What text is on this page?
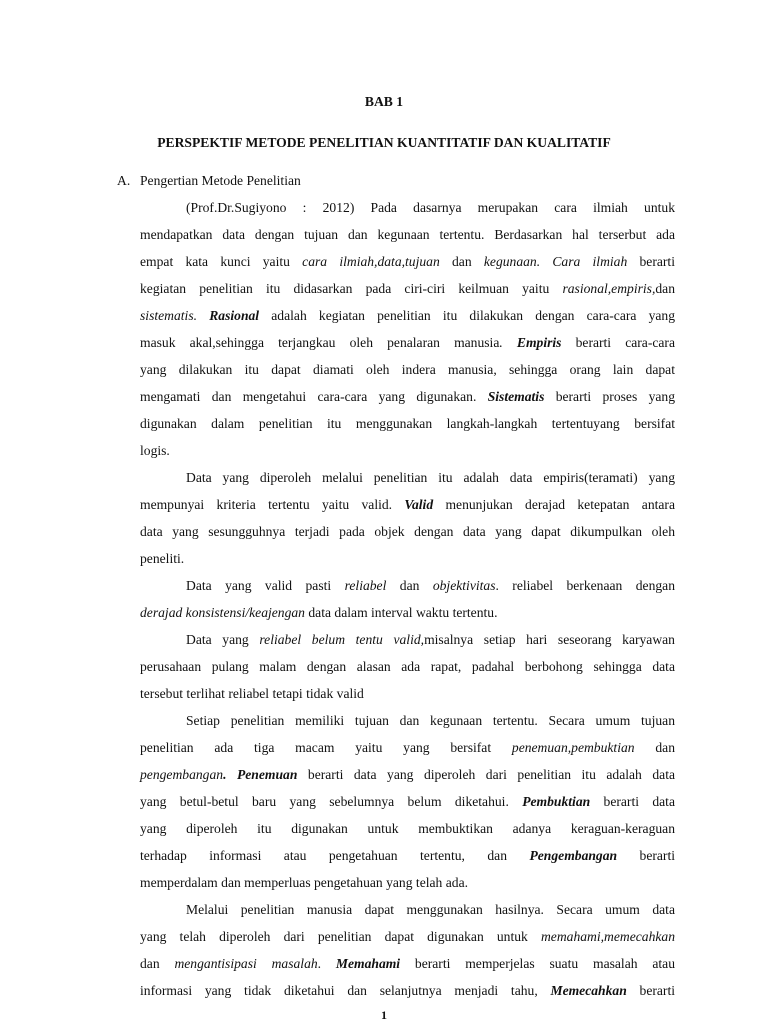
BAB 1
PERSPEKTIF METODE PENELITIAN KUANTITATIF DAN KUALITATIF
A. Pengertian Metode Penelitian
(Prof.Dr.Sugiyono : 2012) Pada dasarnya merupakan cara ilmiah untuk
mendapatkan data dengan tujuan dan kegunaan tertentu. Berdasarkan hal terserbut ada
empat kata kunci yaitu cara ilmiah,data,tujuan dan kegunaan. Cara ilmiah berarti
kegiatan penelitian itu didasarkan pada ciri-ciri keilmuan yaitu rasional,empiris,dan
sistematis. Rasional adalah kegiatan penelitian itu dilakukan dengan cara-cara yang
masuk akal,sehingga terjangkau oleh penalaran manusia. Empiris berarti cara-cara
yang dilakukan itu dapat diamati oleh indera manusia, sehingga orang lain dapat
mengamati dan mengetahui cara-cara yang digunakan. Sistematis berarti proses yang
digunakan dalam penelitian itu menggunakan langkah-langkah tertentuyang bersifat
logis.
Data yang diperoleh melalui penelitian itu adalah data empiris(teramati) yang
mempunyai kriteria tertentu yaitu valid. Valid menunjukan derajad ketepatan antara
data yang sesungguhnya terjadi pada objek dengan data yang dapat dikumpulkan oleh
peneliti.
Data yang valid pasti reliabel dan objektivitas. reliabel berkenaan dengan
derajad konsistensi/keajengan data dalam interval waktu tertentu.
Data yang reliabel belum tentu valid,misalnya setiap hari seseorang karyawan
perusahaan pulang malam dengan alasan ada rapat, padahal berbohong sehingga data
tersebut terlihat reliabel tetapi tidak valid
Setiap penelitian memiliki tujuan dan kegunaan tertentu. Secara umum tujuan
penelitian ada tiga macam yaitu yang bersifat penemuan,pembuktian dan
pengembangan. Penemuan berarti data yang diperoleh dari penelitian itu adalah data
yang betul-betul baru yang sebelumnya belum diketahui. Pembuktian berarti data
yang diperoleh itu digunakan untuk membuktikan adanya keraguan-keraguan
terhadap informasi atau pengetahuan tertentu, dan Pengembangan berarti
memperdalam dan memperluas pengetahuan yang telah ada.
Melalui penelitian manusia dapat menggunakan hasilnya. Secara umum data
yang telah diperoleh dari penelitian dapat digunakan untuk memahami,memecahkan
dan mengantisipasi masalah. Memahami berarti memperjelas suatu masalah atau
informasi yang tidak diketahui dan selanjutnya menjadi tahu, Memecahkan berarti
1
